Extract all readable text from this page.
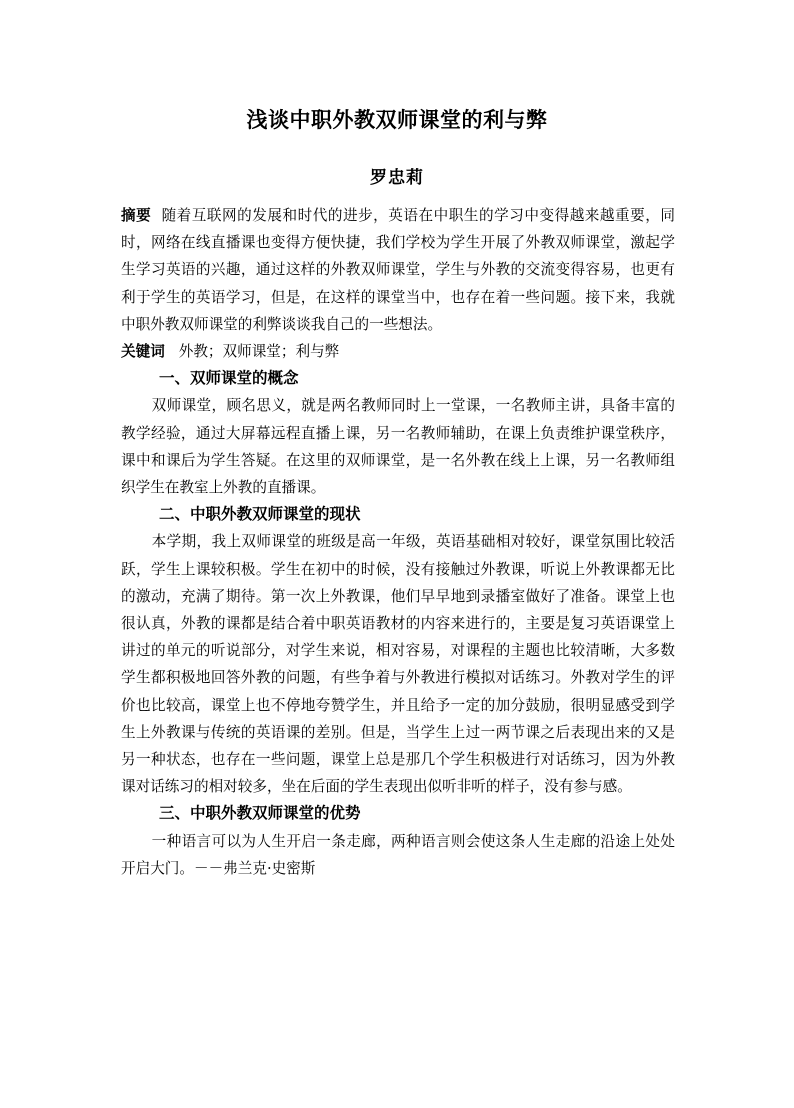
浅谈中职外教双师课堂的利与弊
罗忠莉

摘要 随着互联网的发展和时代的进步，英语在中职生的学习中变得越来越重要，同时，网络在线直播课也变得方便快捷，我们学校为学生开展了外教双师课堂，激起学生学习英语的兴趣，通过这样的外教双师课堂，学生与外教的交流变得容易，也更有利于学生的英语学习，但是，在这样的课堂当中，也存在着一些问题。接下来，我就中职外教双师课堂的利弊谈谈我自己的一些想法。

关键词 外教；双师课堂；利与弊

一、双师课堂的概念

双师课堂，顾名思义，就是两名教师同时上一堂课，一名教师主讲，具备丰富的教学经验，通过大屏幕远程直播上课，另一名教师辅助，在课上负责维护课堂秩序，课中和课后为学生答疑。在这里的双师课堂，是一名外教在线上上课，另一名教师组织学生在教室上外教的直播课。

二、中职外教双师课堂的现状

本学期，我上双师课堂的班级是高一年级，英语基础相对较好，课堂氛围比较活跃，学生上课较积极。学生在初中的时候，没有接触过外教课，听说上外教课都无比的激动，充满了期待。第一次上外教课，他们早早地到录播室做好了准备。课堂上也很认真，外教的课都是结合着中职英语教材的内容来进行的，主要是复习英语课堂上讲过的单元的听说部分，对学生来说，相对容易，对课程的主题也比较清晰，大多数学生都积极地回答外教的问题，有些争着与外教进行模拟对话练习。外教对学生的评价也比较高，课堂上也不停地夸赞学生，并且给予一定的加分鼓励，很明显感受到学生上外教课与传统的英语课的差别。但是，当学生上过一两节课之后表现出来的又是另一种状态，也存在一些问题，课堂上总是那几个学生积极进行对话练习，因为外教课对话练习的相对较多，坐在后面的学生表现出似听非听的样子，没有参与感。

三、中职外教双师课堂的优势

一种语言可以为人生开启一条走廊，两种语言则会使这条人生走廊的沿途上处处开启大门。－－弗兰克·史密斯
